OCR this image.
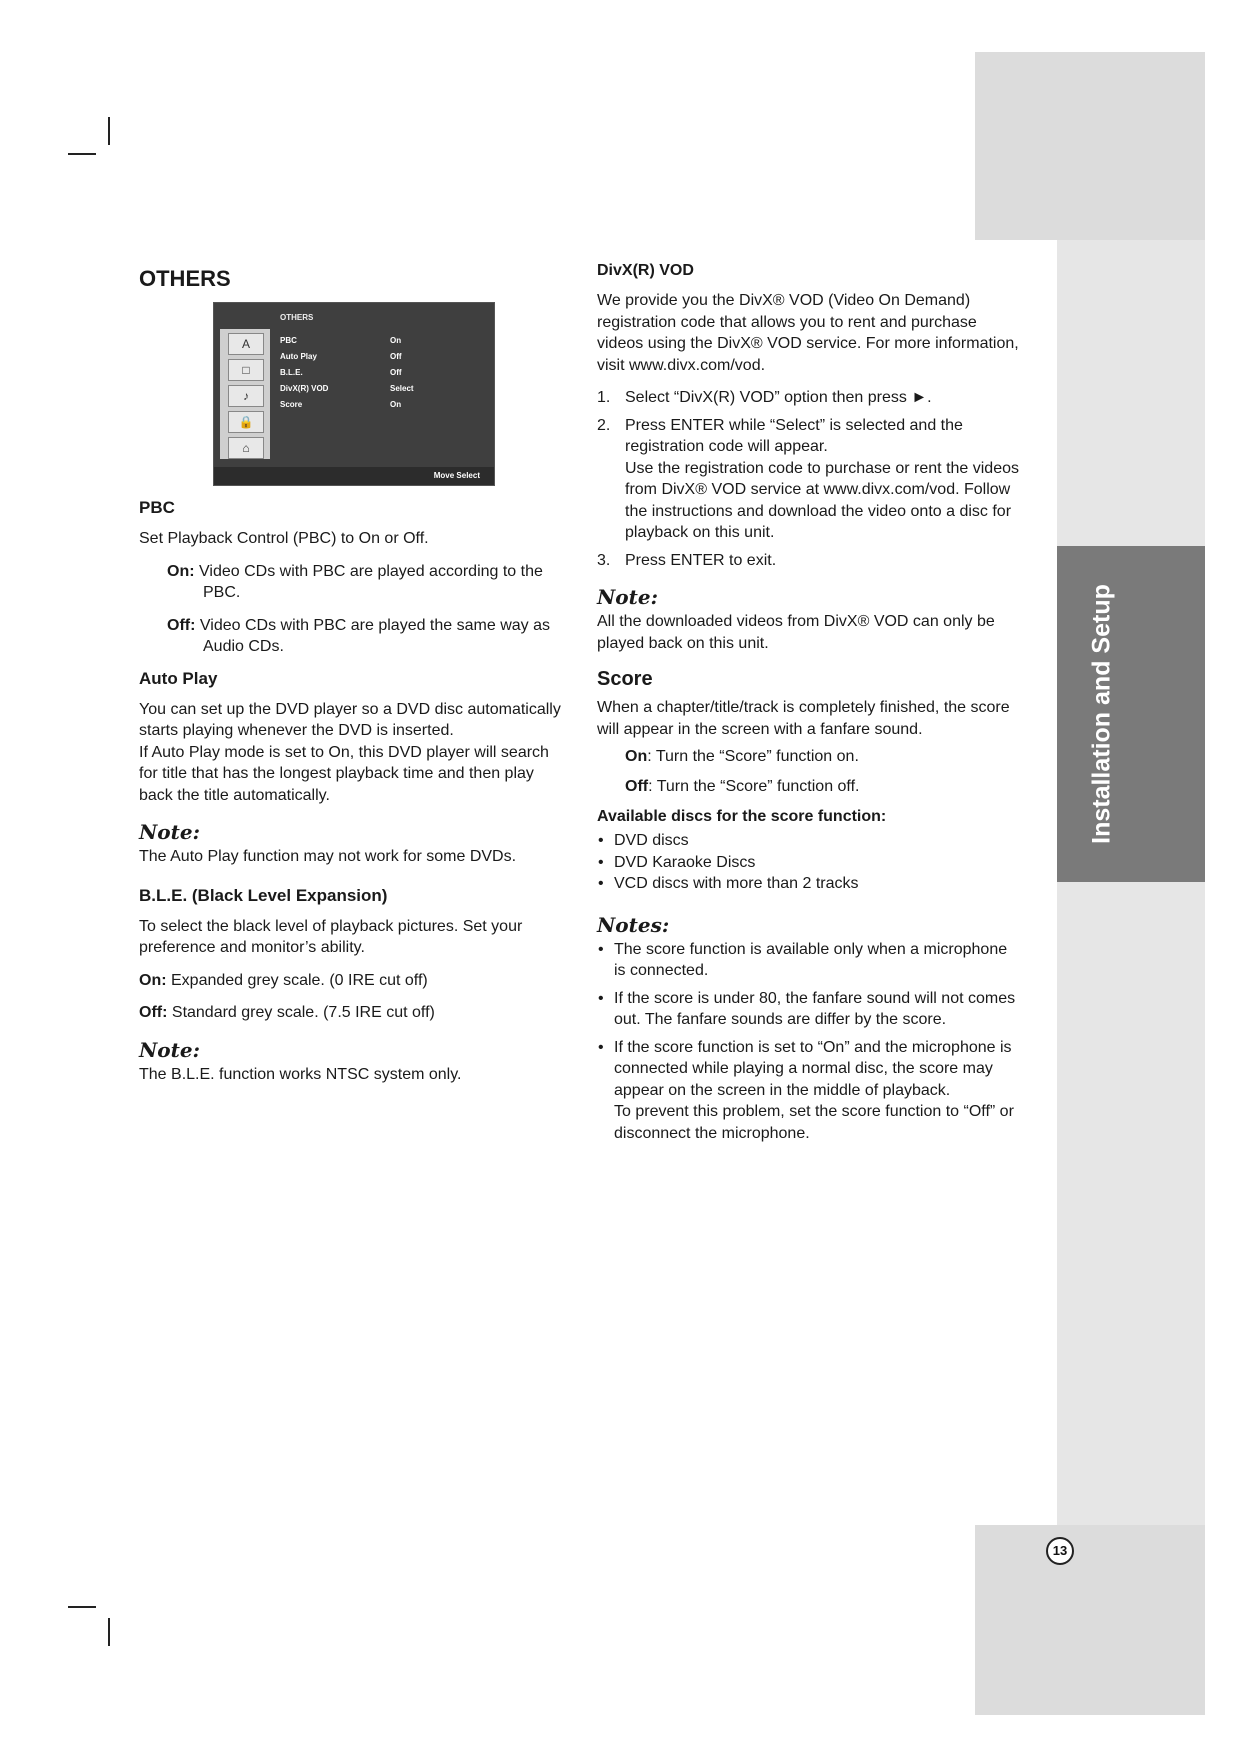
Installation and Setup
13
OTHERS
A
□
♪
🔒
⌂
OTHERS
PBC	On
Auto Play	Off
B.L.E.	Off
DivX(R) VOD	Select
Score	On
Move Select
PBC

Set Playback Control (PBC) to On or Off.

On: Video CDs with PBC are played according to the PBC.

Off: Video CDs with PBC are played the same way as Audio CDs.

Auto Play

You can set up the DVD player so a DVD disc automatically starts playing whenever the DVD is inserted.

If Auto Play mode is set to On, this DVD player will search for title that has the longest playback time and then play back the title automatically.

Note:

The Auto Play function may not work for some DVDs.

B.L.E. (Black Level Expansion)

To select the black level of playback pictures. Set your preference and monitor’s ability.

On: Expanded grey scale. (0 IRE cut off)

Off: Standard grey scale. (7.5 IRE cut off)

Note:

The B.L.E. function works NTSC system only.

DivX(R) VOD

We provide you the DivX® VOD (Video On Demand) registration code that allows you to rent and purchase videos using the DivX® VOD service. For more information, visit www.divx.com/vod.

1. Select “DivX(R) VOD” option then press ►.
2. Press ENTER while “Select” is selected and the registration code will appear.
Use the registration code to purchase or rent the videos from DivX® VOD service at www.divx.com/vod. Follow the instructions and download the video onto a disc for playback on this unit.
3. Press ENTER to exit.
Note:

All the downloaded videos from DivX® VOD can only be played back on this unit.

Score

When a chapter/title/track is completely finished, the score will appear in the screen with a fanfare sound.

On: Turn the “Score” function on.

Off: Turn the “Score” function off.

Available discs for the score function:
• DVD discs
• DVD Karaoke Discs
• VCD discs with more than 2 tracks
Notes:
• The score function is available only when a microphone is connected.
• If the score is under 80, the fanfare sound will not comes out. The fanfare sounds are differ by the score.
• If the score function is set to “On” and the microphone is connected while playing a normal disc, the score may appear on the screen in the middle of playback.
To prevent this problem, set the score function to “Off” or disconnect the microphone.
